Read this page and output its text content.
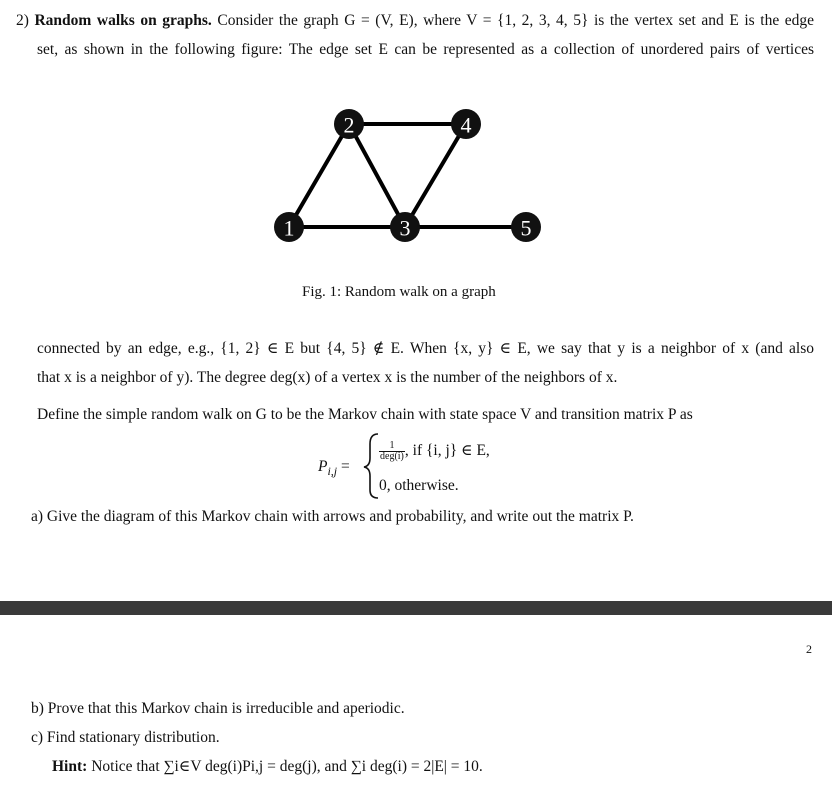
2) Random walks on graphs. Consider the graph G = (V, E), where V = {1, 2, 3, 4, 5} is the vertex set and E is the edge
set, as shown in the following figure: The edge set E can be represented as a collection of unordered pairs of vertices
1
2
3
4
5
Fig. 1: Random walk on a graph
connected by an edge, e.g., {1, 2} ∈ E but {4, 5} ∉ E. When {x, y} ∈ E, we say that y is a neighbor of x (and also
that x is a neighbor of y). The degree deg(x) of a vertex x is the number of the neighbors of x.
Define the simple random walk on G to be the Markov chain with state space V and transition matrix P as
$P_{i,j}$ =
$\frac{1}{\text{deg(i)}}$ , if {i, j} ∈ E,
0, otherwise.
a) Give the diagram of this Markov chain with arrows and probability, and write out the matrix P.
2
b) Prove that this Markov chain is irreducible and aperiodic.
c) Find stationary distribution.
Hint: Notice that ∑i∈V deg(i)Pi,j = deg(j), and ∑i deg(i) = 2|E| = 10.
